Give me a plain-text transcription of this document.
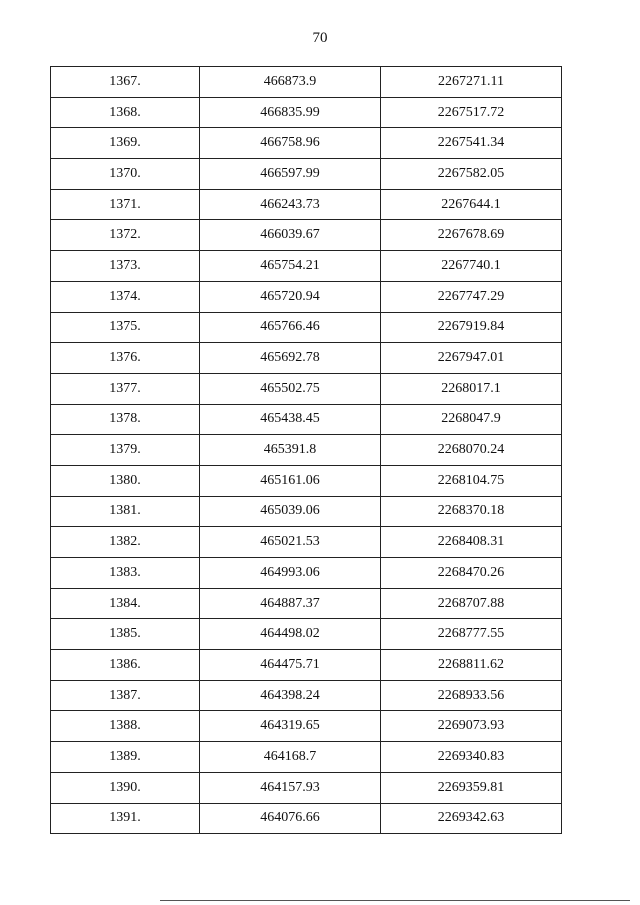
70
1367.	466873.9	2267271.11
1368.	466835.99	2267517.72
1369.	466758.96	2267541.34
1370.	466597.99	2267582.05
1371.	466243.73	2267644.1
1372.	466039.67	2267678.69
1373.	465754.21	2267740.1
1374.	465720.94	2267747.29
1375.	465766.46	2267919.84
1376.	465692.78	2267947.01
1377.	465502.75	2268017.1
1378.	465438.45	2268047.9
1379.	465391.8	2268070.24
1380.	465161.06	2268104.75
1381.	465039.06	2268370.18
1382.	465021.53	2268408.31
1383.	464993.06	2268470.26
1384.	464887.37	2268707.88
1385.	464498.02	2268777.55
1386.	464475.71	2268811.62
1387.	464398.24	2268933.56
1388.	464319.65	2269073.93
1389.	464168.7	2269340.83
1390.	464157.93	2269359.81
1391.	464076.66	2269342.63
